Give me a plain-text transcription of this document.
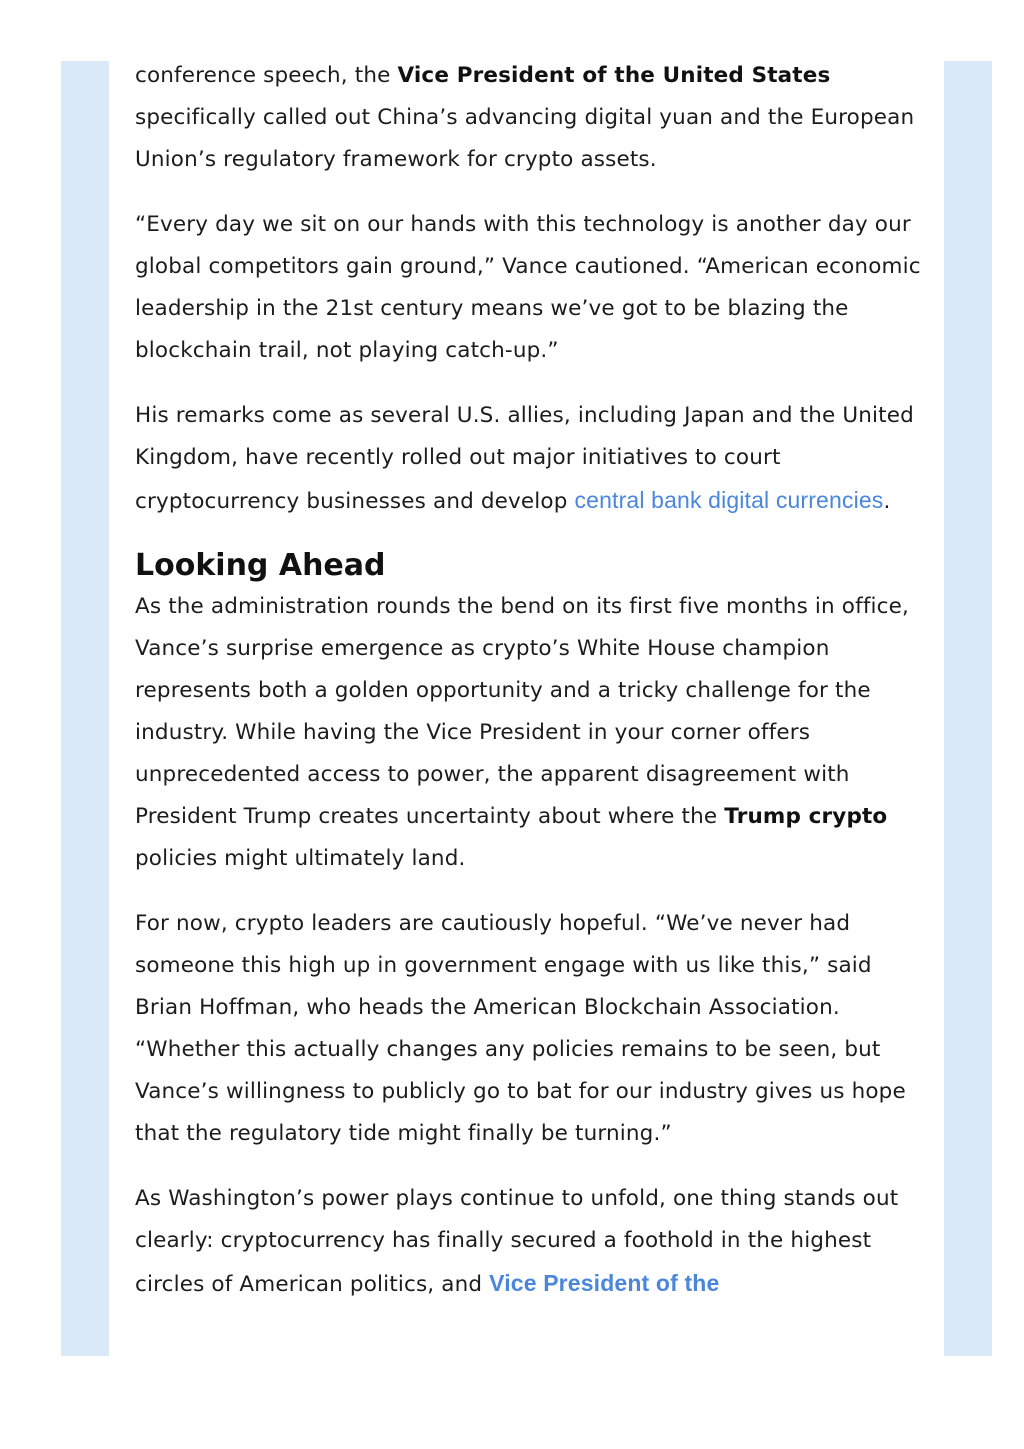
conference speech, the Vice President of the United States specifically called out China’s advancing digital yuan and the European Union’s regulatory framework for crypto assets.

“Every day we sit on our hands with this technology is another day our global competitors gain ground,” Vance cautioned. “American economic leadership in the 21st century means we’ve got to be blazing the blockchain trail, not playing catch-up.”

His remarks come as several U.S. allies, including Japan and the United Kingdom, have recently rolled out major initiatives to court cryptocurrency businesses and develop central bank digital currencies.

Looking Ahead

As the administration rounds the bend on its first five months in office, Vance’s surprise emergence as crypto’s White House champion represents both a golden opportunity and a tricky challenge for the industry. While having the Vice President in your corner offers unprecedented access to power, the apparent disagreement with President Trump creates uncertainty about where the Trump crypto policies might ultimately land.

For now, crypto leaders are cautiously hopeful. “We’ve never had someone this high up in government engage with us like this,” said Brian Hoffman, who heads the American Blockchain Association. “Whether this actually changes any policies remains to be seen, but Vance’s willingness to publicly go to bat for our industry gives us hope that the regulatory tide might finally be turning.”

As Washington’s power plays continue to unfold, one thing stands out clearly: cryptocurrency has finally secured a foothold in the highest circles of American politics, and Vice President of the
